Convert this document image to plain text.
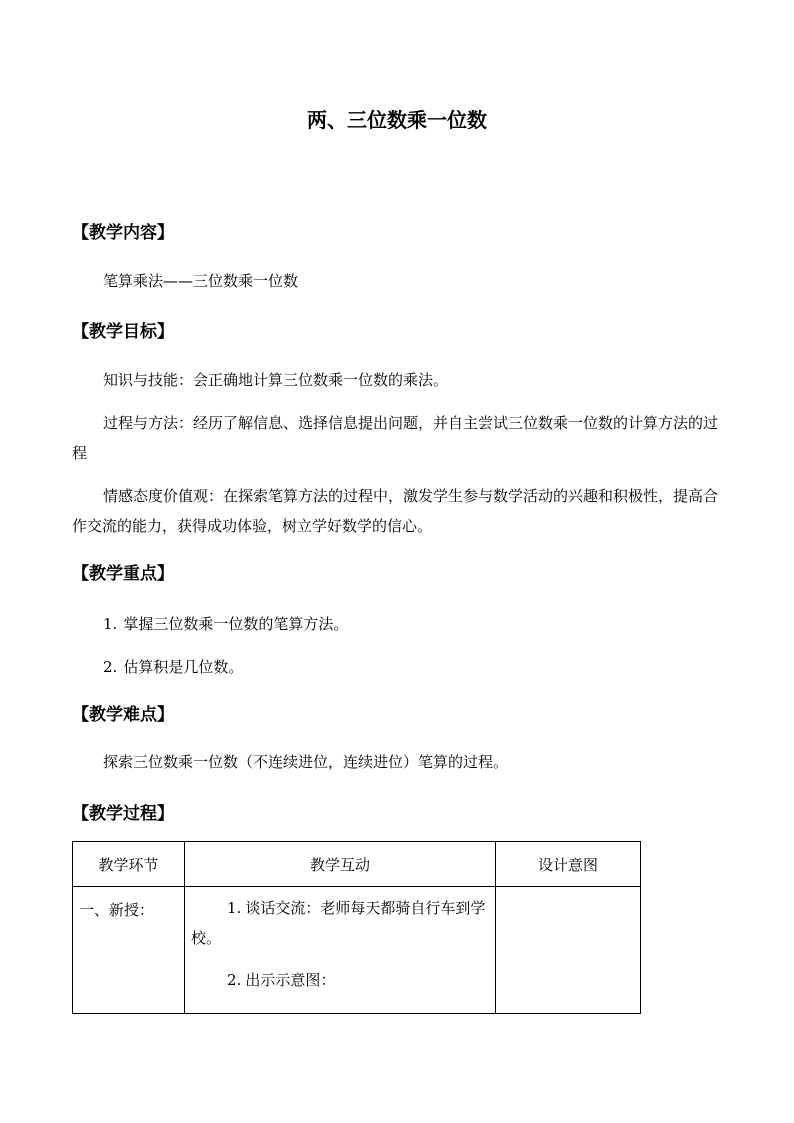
两、三位数乘一位数
【教学内容】

笔算乘法——三位数乘一位数

【教学目标】

知识与技能：会正确地计算三位数乘一位数的乘法。

过程与方法：经历了解信息、选择信息提出问题，并自主尝试三位数乘一位数的计算方法的过程

情感态度价值观：在探索笔算方法的过程中，激发学生参与数学活动的兴趣和积极性，提高合作交流的能力，获得成功体验，树立学好数学的信心。

【教学重点】
1. 掌握三位数乘一位数的笔算方法。
2. 估算积是几位数。
【教学难点】

探索三位数乘一位数（不连续进位，连续进位）笔算的过程。

【教学过程】
教学环节	教学互动	设计意图
一、新授：	1. 谈话交流：老师每天都骑自行车到学校。

2. 出示示意图：	
